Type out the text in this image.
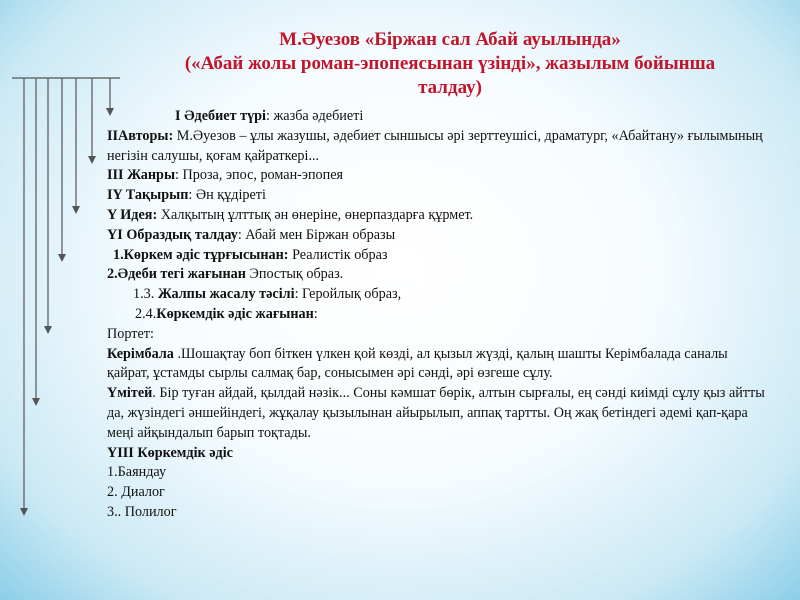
М.Әуезов «Біржан сал Абай ауылында»
(«Абай жолы роман-эпопеясынан үзінді», жазылым бойынша
талдау)

I Әдебиет түрі: жазба әдебиеті

IIАвторы: М.Әуезов – ұлы жазушы, әдебиет сыншысы әрі зерттеушісі, драматург, «Абайтану» ғылымының негізін салушы, қоғам қайраткері...

III Жанры: Проза, эпос, роман-эпопея

IY Тақырып: Ән құдіреті

Y Идея: Халқытың ұлттық ән өнеріне, өнерпаздарға құрмет.

YI Образдық талдау: Абай мен Біржан образы

1.Көркем әдіс тұрғысынан: Реалистік образ

2.Әдеби тегі жағынан Эпостық образ.

1.3. Жалпы жасалу тәсілі: Геройлық образ,

2.4.Көркемдік әдіс жағынан:

Портет:

Керімбала .Шошақтау боп біткен үлкен қой көзді, ал қызыл жүзді, қалың шашты Керімбалада саналы қайрат, ұстамды сырлы салмақ бар, сонысымен әрі сәнді, әрі өзгеше сұлу.

Үмітей. Бір туған айдай, қылдай нәзік... Соны кәмшат бөрік, алтын сырғалы, ең сәнді киімді сұлу қыз айтты да, жүзіндегі әншейіндегі, жұқалау қызылынан айырылып, аппақ тартты. Оң жақ бетіндегі әдемі қап-қара меңі айқындалып барып тоқтады.

YIII Көркемдік әдіс

1.Баяндау

2. Диалог

3.. Полилог
